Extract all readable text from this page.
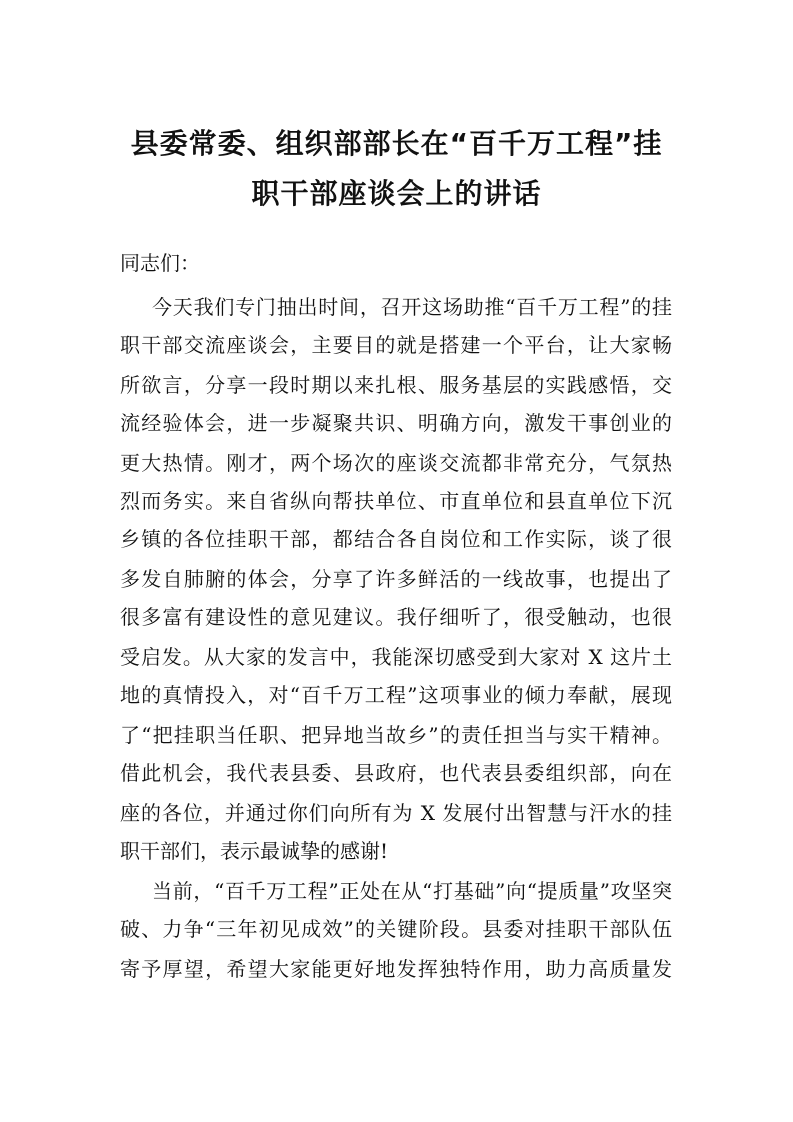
县委常委、组织部部长在“百千万工程”挂
职干部座谈会上的讲话
同志们：
今天我们专门抽出时间，召开这场助推“百千万工程”的挂
职干部交流座谈会，主要目的就是搭建一个平台，让大家畅
所欲言，分享一段时期以来扎根、服务基层的实践感悟，交
流经验体会，进一步凝聚共识、明确方向，激发干事创业的
更大热情。刚才，两个场次的座谈交流都非常充分，气氛热
烈而务实。来自省纵向帮扶单位、市直单位和县直单位下沉
乡镇的各位挂职干部，都结合各自岗位和工作实际，谈了很
多发自肺腑的体会，分享了许多鲜活的一线故事，也提出了
很多富有建设性的意见建议。我仔细听了，很受触动，也很
受启发。从大家的发言中，我能深切感受到大家对 X 这片土
地的真情投入，对“百千万工程”这项事业的倾力奉献，展现
了“把挂职当任职、把异地当故乡”的责任担当与实干精神。
借此机会，我代表县委、县政府，也代表县委组织部，向在
座的各位，并通过你们向所有为 X 发展付出智慧与汗水的挂
职干部们，表示最诚挚的感谢!
当前，“百千万工程”正处在从“打基础”向“提质量”攻坚突
破、力争“三年初见成效”的关键阶段。县委对挂职干部队伍
寄予厚望，希望大家能更好地发挥独特作用，助力高质量发
